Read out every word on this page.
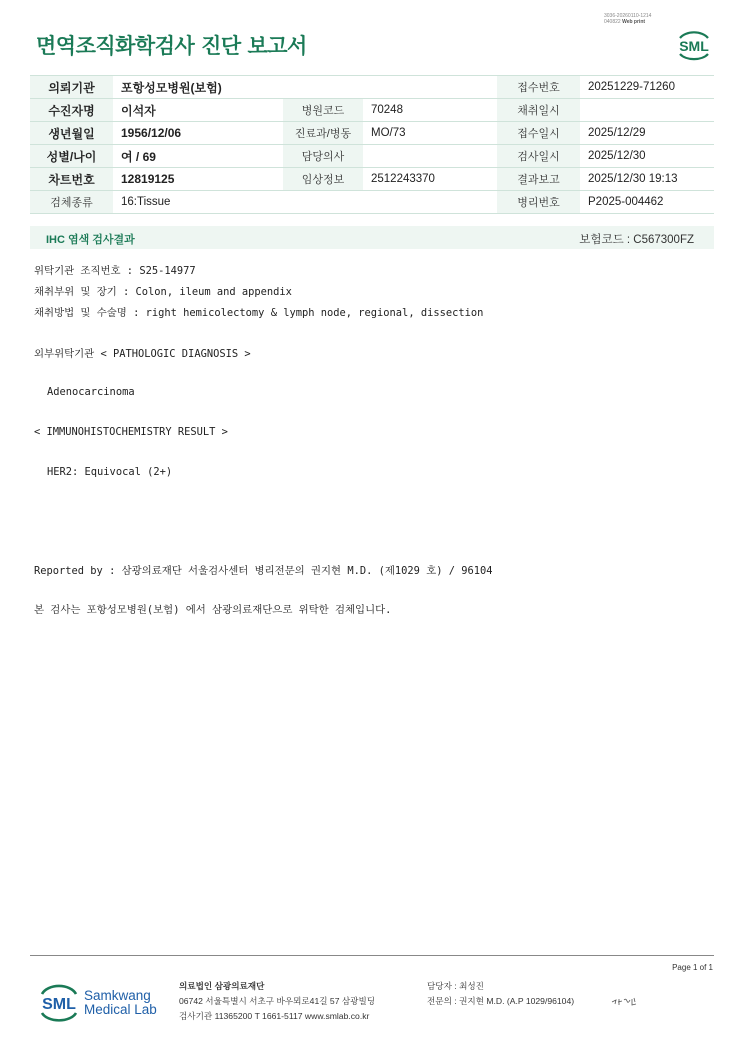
면역조직화학검사 진단 보고서
3036-20260110-1214
040822 Web print
SML
의뢰기관	포항성모병원(보험)			접수번호	20251229-71260
수진자명	이석자	병원코드	70248	채취일시	
생년월일	1956/12/06	진료과/병동	MO/73	접수일시	2025/12/29
성별/나이	여 / 69	담당의사		검사일시	2025/12/30
차트번호	12819125	임상정보	2512243370	결과보고	2025/12/30 19:13
검체종류	16:Tissue			병리번호	P2025-004462
IHC 염색 검사결과	보험코드 : C567300FZ
위탁기관 조직번호 : S25-14977
채취부위 및 장기 : Colon, ileum and appendix
채취방법 및 수술명 : right hemicolectomy & lymph node, regional, dissection
외부위탁기관 < PATHOLOGIC DIAGNOSIS >
Adenocarcinoma
< IMMUNOHISTOCHEMISTRY RESULT >
HER2: Equivocal (2+)
Reported by : 삼광의료재단 서울검사센터 병리전문의 권지현 M.D. (제1029 호) / 96104
본 검사는 포항성모병원(보험) 에서 삼광의료재단으로 위탁한 검체입니다.
Page 1 of 1
SML
Samkwang
Medical Lab
의료법인 삼광의료재단
06742 서울특별시 서초구 바우뫼로41길 57 삼광빌딩
검사기관 11365200 T 1661-5117 www.smlab.co.kr
담당자 : 최성진
전문의 : 권지현 M.D. (A.P 1029/96104)
